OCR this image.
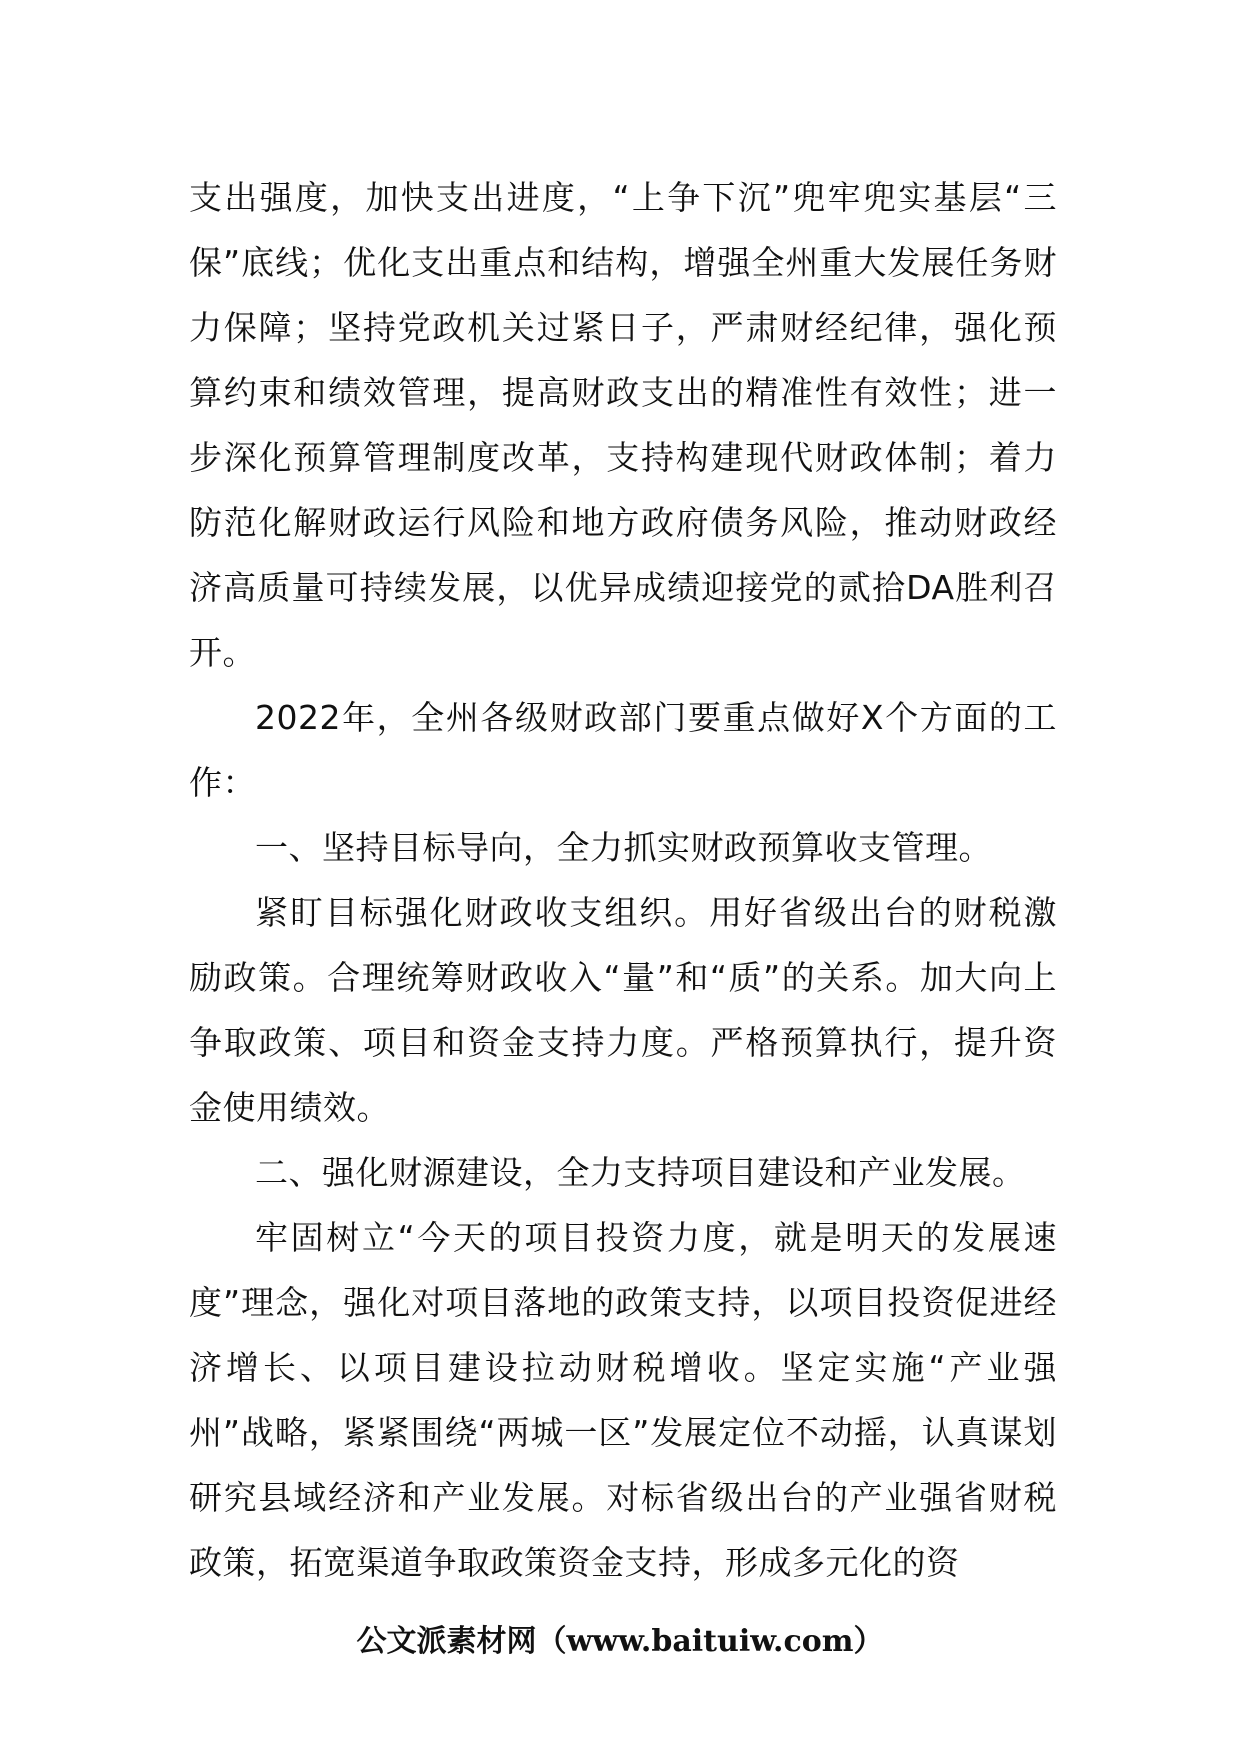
支出强度，加快支出进度，“上争下沉”兜牢兜实基层“三保”底线；优化支出重点和结构，增强全州重大发展任务财力保障；坚持党政机关过紧日子，严肃财经纪律，强化预算约束和绩效管理，提高财政支出的精准性有效性；进一步深化预算管理制度改革，支持构建现代财政体制；着力防范化解财政运行风险和地方政府债务风险，推动财政经济高质量可持续发展，以优异成绩迎接党的贰拾DA胜利召开。

2022年，全州各级财政部门要重点做好X个方面的工作：

一、坚持目标导向，全力抓实财政预算收支管理。

紧盯目标强化财政收支组织。用好省级出台的财税激励政策。合理统筹财政收入“量”和“质”的关系。加大向上争取政策、项目和资金支持力度。严格预算执行，提升资金使用绩效。

二、强化财源建设，全力支持项目建设和产业发展。

牢固树立“今天的项目投资力度，就是明天的发展速度”理念，强化对项目落地的政策支持，以项目投资促进经济增长、以项目建设拉动财税增收。坚定实施“产业强州”战略，紧紧围绕“两城一区”发展定位不动摇，认真谋划研究县域经济和产业发展。对标省级出台的产业强省财税政策，拓宽渠道争取政策资金支持，形成多元化的资

公文派素材网（www.baituiw.com）
